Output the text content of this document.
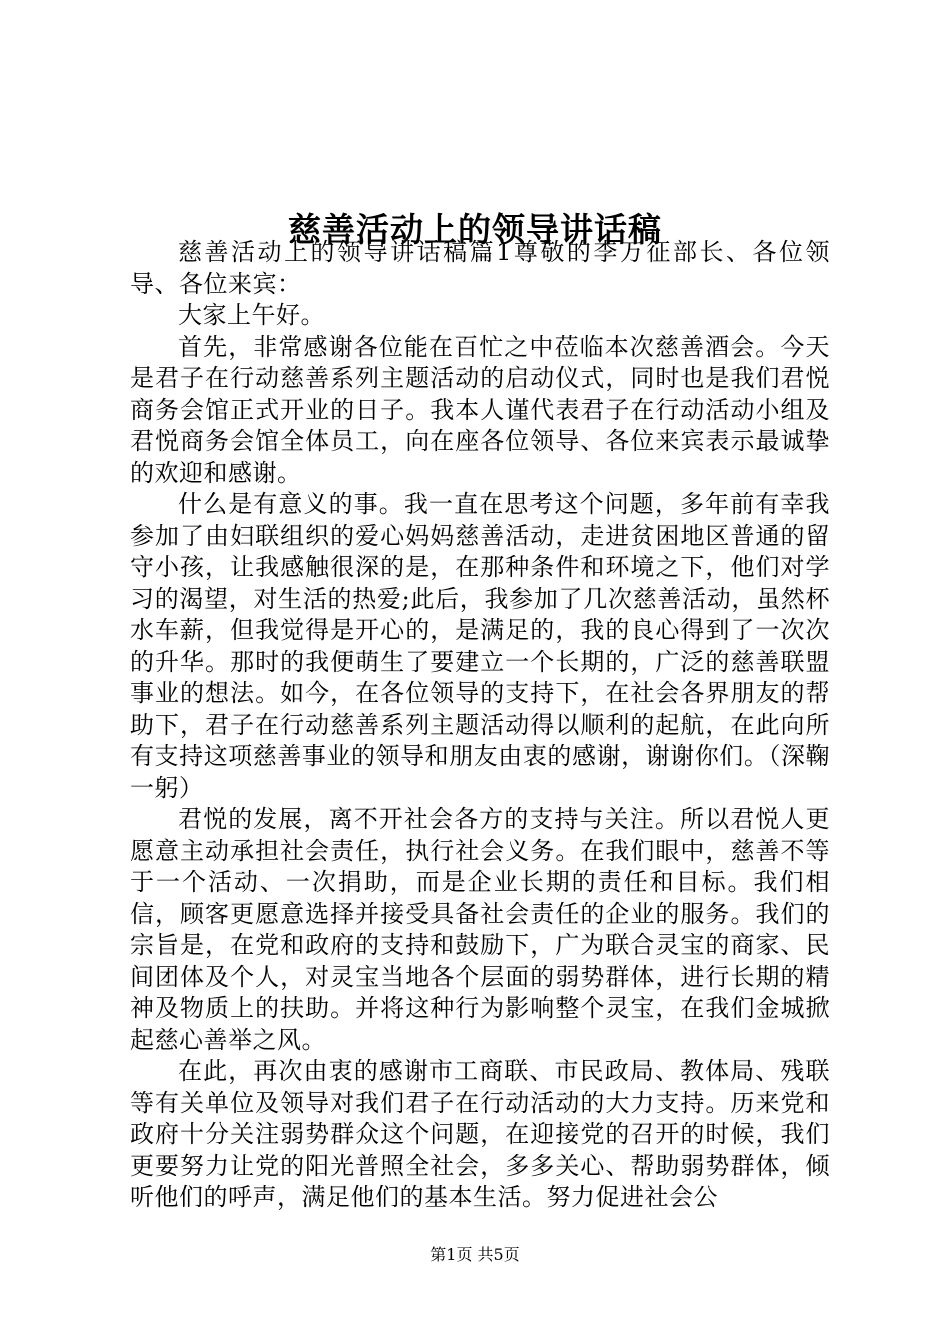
慈善活动上的领导讲话稿

慈善活动上的领导讲话稿篇1尊敬的李万征部长、各位领导、各位来宾：

大家上午好。

首先，非常感谢各位能在百忙之中莅临本次慈善酒会。今天是君子在行动慈善系列主题活动的启动仪式，同时也是我们君悦商务会馆正式开业的日子。我本人谨代表君子在行动活动小组及君悦商务会馆全体员工，向在座各位领导、各位来宾表示最诚挚的欢迎和感谢。

什么是有意义的事。我一直在思考这个问题，多年前有幸我参加了由妇联组织的爱心妈妈慈善活动，走进贫困地区普通的留守小孩，让我感触很深的是，在那种条件和环境之下，他们对学习的渴望，对生活的热爱;此后，我参加了几次慈善活动，虽然杯水车薪，但我觉得是开心的，是满足的，我的良心得到了一次次的升华。那时的我便萌生了要建立一个长期的，广泛的慈善联盟事业的想法。如今，在各位领导的支持下，在社会各界朋友的帮助下，君子在行动慈善系列主题活动得以顺利的起航，在此向所有支持这项慈善事业的领导和朋友由衷的感谢，谢谢你们。（深鞠一躬）

君悦的发展，离不开社会各方的支持与关注。所以君悦人更愿意主动承担社会责任，执行社会义务。在我们眼中，慈善不等于一个活动、一次捐助，而是企业长期的责任和目标。我们相信，顾客更愿意选择并接受具备社会责任的企业的服务。我们的宗旨是，在党和政府的支持和鼓励下，广为联合灵宝的商家、民间团体及个人，对灵宝当地各个层面的弱势群体，进行长期的精神及物质上的扶助。并将这种行为影响整个灵宝，在我们金城掀起慈心善举之风。

在此，再次由衷的感谢市工商联、市民政局、教体局、残联等有关单位及领导对我们君子在行动活动的大力支持。历来党和政府十分关注弱势群众这个问题，在迎接党的召开的时候，我们更要努力让党的阳光普照全社会，多多关心、帮助弱势群体，倾听他们的呼声，满足他们的基本生活。努力促进社会公

第1页 共5页
